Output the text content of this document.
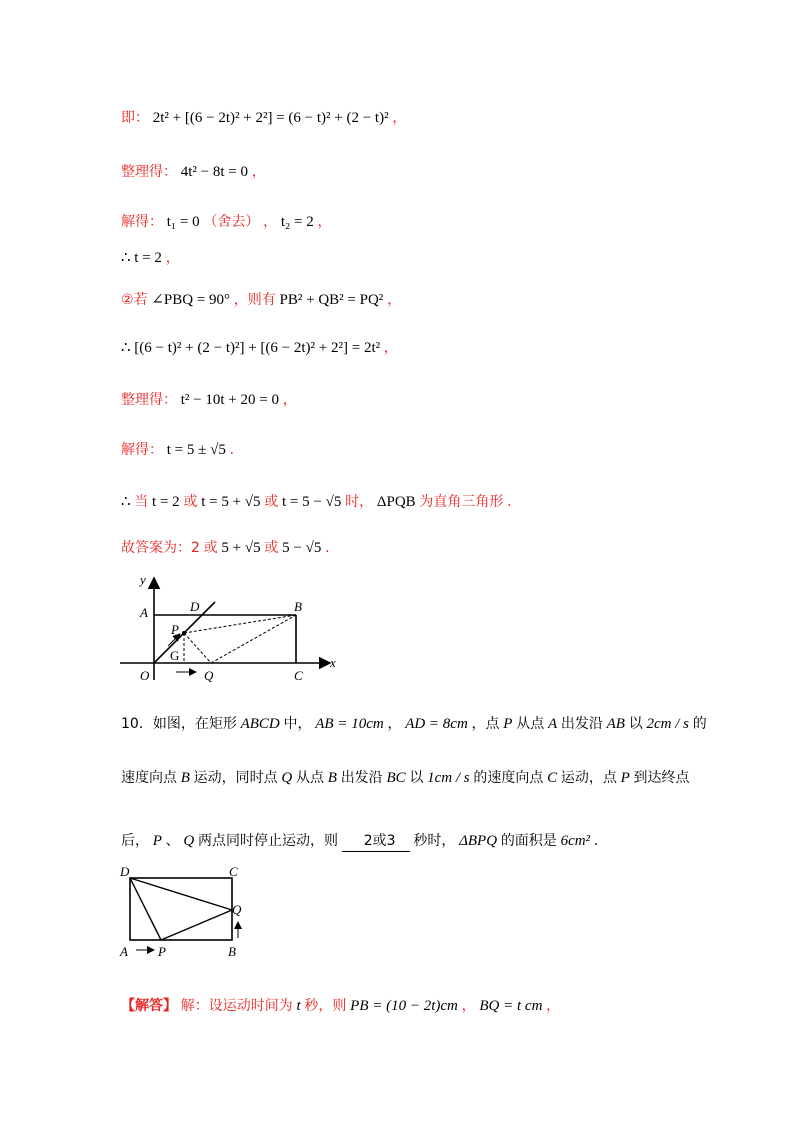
即： 2t² + [(6 − 2t)² + 2²] = (6 − t)² + (2 − t)² ，
整理得： 4t² − 8t = 0 ，
解得： t₁ = 0 （舍去） ， t₂ = 2 ，
∴ t = 2 ，
②若 ∠PBQ = 90° ，则有 PB² + QB² = PQ² ，
∴ [(6 − t)² + (2 − t)²] + [(6 − 2t)² + 2²] = 2t² ，
整理得： t² − 10t + 20 = 0 ，
解得： t = 5 ± √5 .
∴ 当 t = 2 或 t = 5 + √5 或 t = 5 − √5 时， ΔPQB 为直角三角形 .
故答案为：2 或 5 + √5 或 5 − √5 .
y
x
A	D	B
P
G
O	Q	C
10．如图，在矩形 ABCD 中， AB = 10cm ， AD = 8cm ，点 P 从点 A 出发沿 AB 以 2cm / s 的
速度向点 B 运动，同时点 Q 从点 B 出发沿 BC 以 1cm / s 的速度向点 C 运动，点 P 到达终点
后， P 、 Q 两点同时停止运动，则 2或3 秒时， ΔBPQ 的面积是 6cm² ．
D	C
Q
A P	B
【解答】 解：设运动时间为 t 秒，则 PB = (10 − 2t)cm ， BQ = t cm ，
